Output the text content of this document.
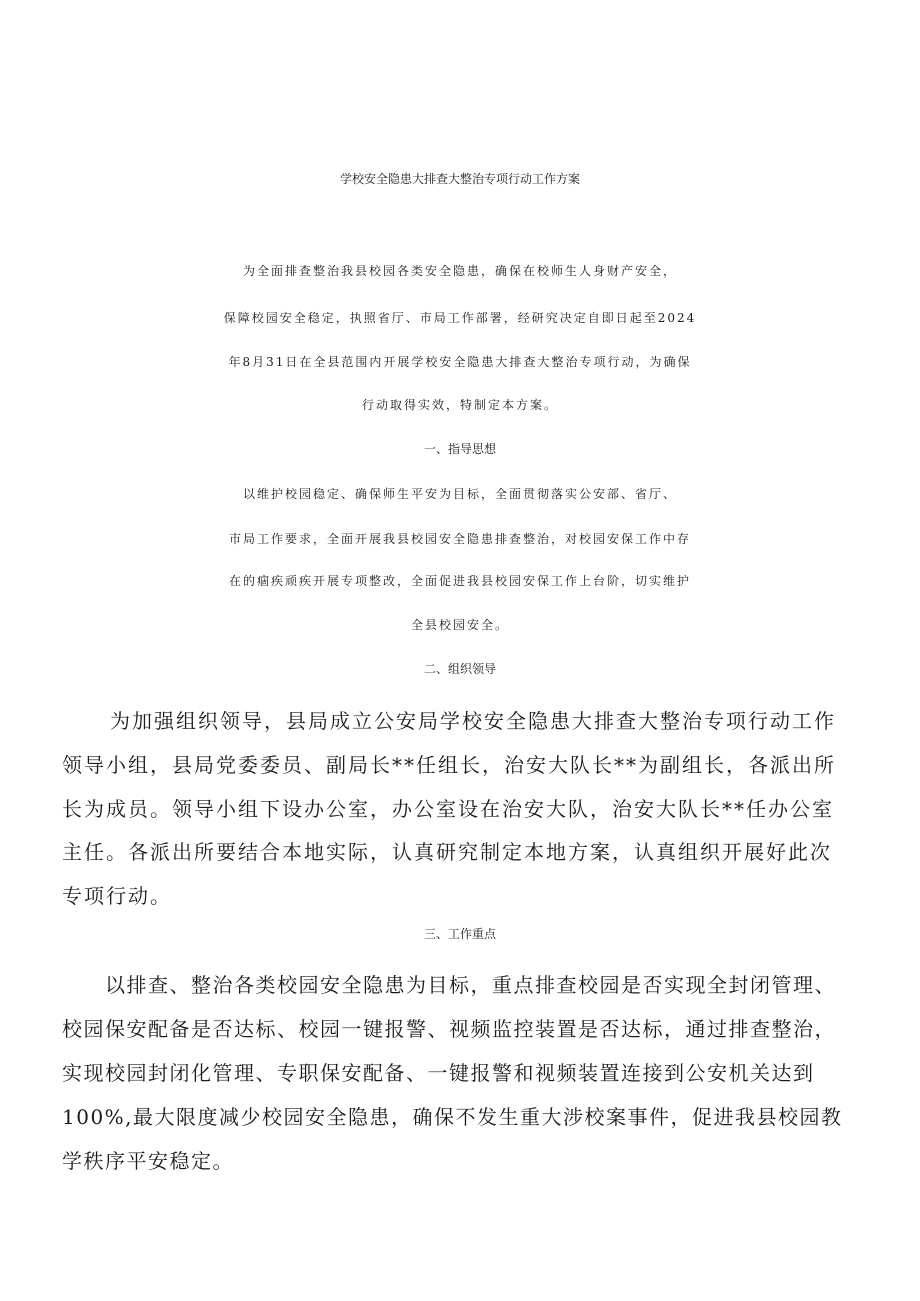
学校安全隐患大排查大整治专项行动工作方案
为全面排查整治我县校园各类安全隐患，确保在校师生人身财产安全，
保障校园安全稳定，执照省厅、市局工作部署，经研究决定自即日起至2024
年8月31日在全县范围内开展学校安全隐患大排查大整治专项行动，为确保
行动取得实效，特制定本方案。
一、指导思想
以维护校园稳定、确保师生平安为目标，全面贯彻落实公安部、省厅、
市局工作要求，全面开展我县校园安全隐患排查整治，对校园安保工作中存
在的痼疾顽疾开展专项整改，全面促进我县校园安保工作上台阶，切实维护
全县校园安全。
二、组织领导
为加强组织领导，县局成立公安局学校安全隐患大排查大整治专项行动工作
领导小组，县局党委委员、副局长**任组长，治安大队长**为副组长，各派出所
长为成员。领导小组下设办公室，办公室设在治安大队，治安大队长**任办公室
主任。各派出所要结合本地实际，认真研究制定本地方案，认真组织开展好此次
专项行动。
三、工作重点
以排查、整治各类校园安全隐患为目标，重点排查校园是否实现全封闭管理、
校园保安配备是否达标、校园一键报警、视频监控装置是否达标，通过排查整治，
实现校园封闭化管理、专职保安配备、一键报警和视频装置连接到公安机关达到
100%,最大限度减少校园安全隐患，确保不发生重大涉校案事件，促进我县校园教
学秩序平安稳定。
